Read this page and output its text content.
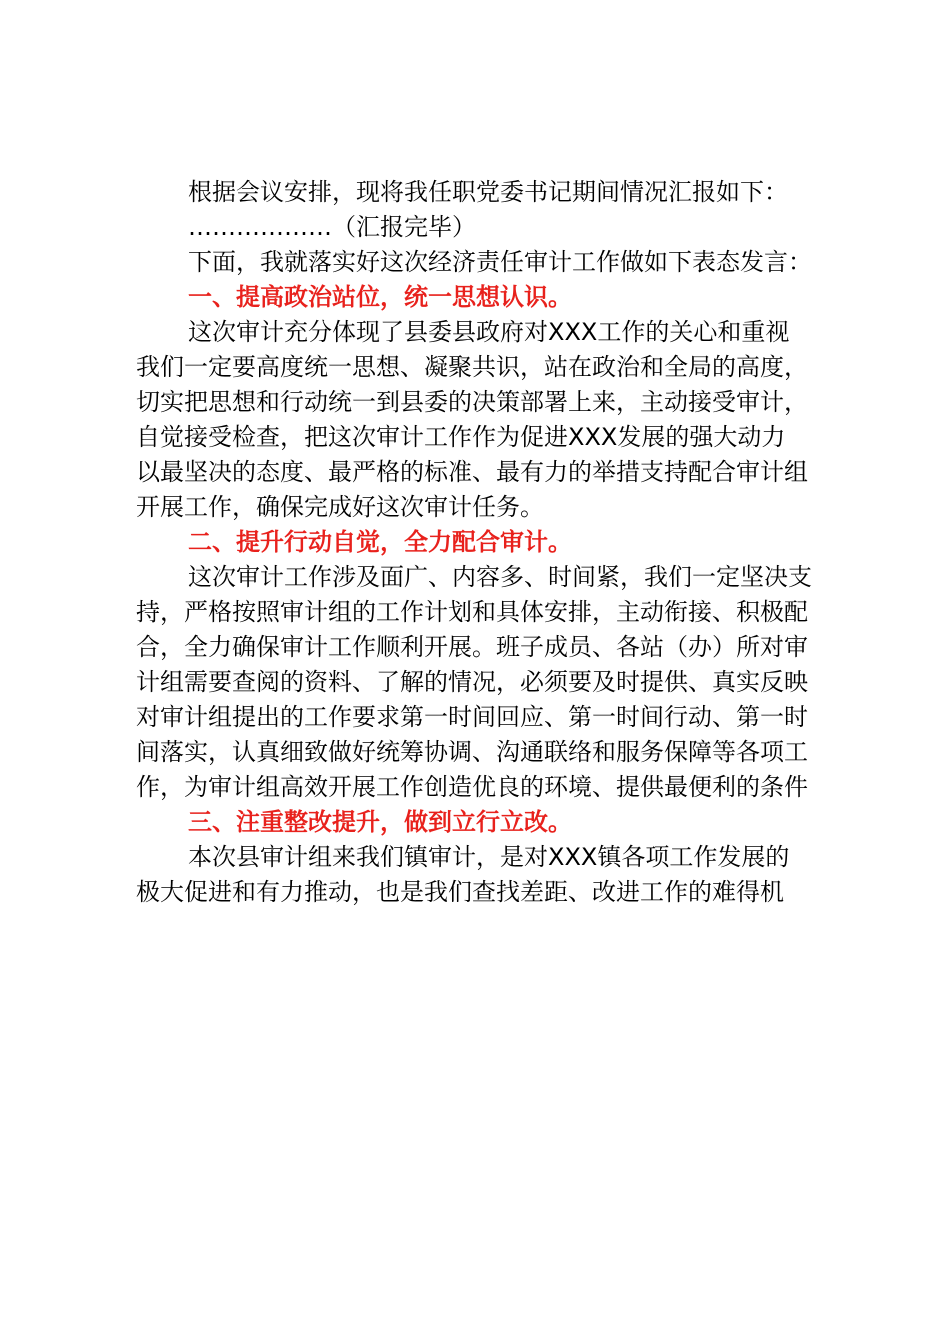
根据会议安排，现将我任职党委书记期间情况汇报如下：
………………（汇报完毕）
下面，我就落实好这次经济责任审计工作做如下表态发言：
一、提高政治站位，统一思想认识。
这次审计充分体现了县委县政府对XXX工作的关心和重视
我们一定要高度统一思想、凝聚共识，站在政治和全局的高度，
切实把思想和行动统一到县委的决策部署上来，主动接受审计，
自觉接受检查，把这次审计工作作为促进XXX发展的强大动力
以最坚决的态度、最严格的标准、最有力的举措支持配合审计组
开展工作，确保完成好这次审计任务。
二、提升行动自觉，全力配合审计。
这次审计工作涉及面广、内容多、时间紧，我们一定坚决支
持，严格按照审计组的工作计划和具体安排，主动衔接、积极配
合，全力确保审计工作顺利开展。班子成员、各站（办）所对审
计组需要查阅的资料、了解的情况，必须要及时提供、真实反映
对审计组提出的工作要求第一时间回应、第一时间行动、第一时
间落实，认真细致做好统筹协调、沟通联络和服务保障等各项工
作，为审计组高效开展工作创造优良的环境、提供最便利的条件
三、注重整改提升，做到立行立改。
本次县审计组来我们镇审计，是对XXX镇各项工作发展的
极大促进和有力推动，也是我们查找差距、改进工作的难得机
